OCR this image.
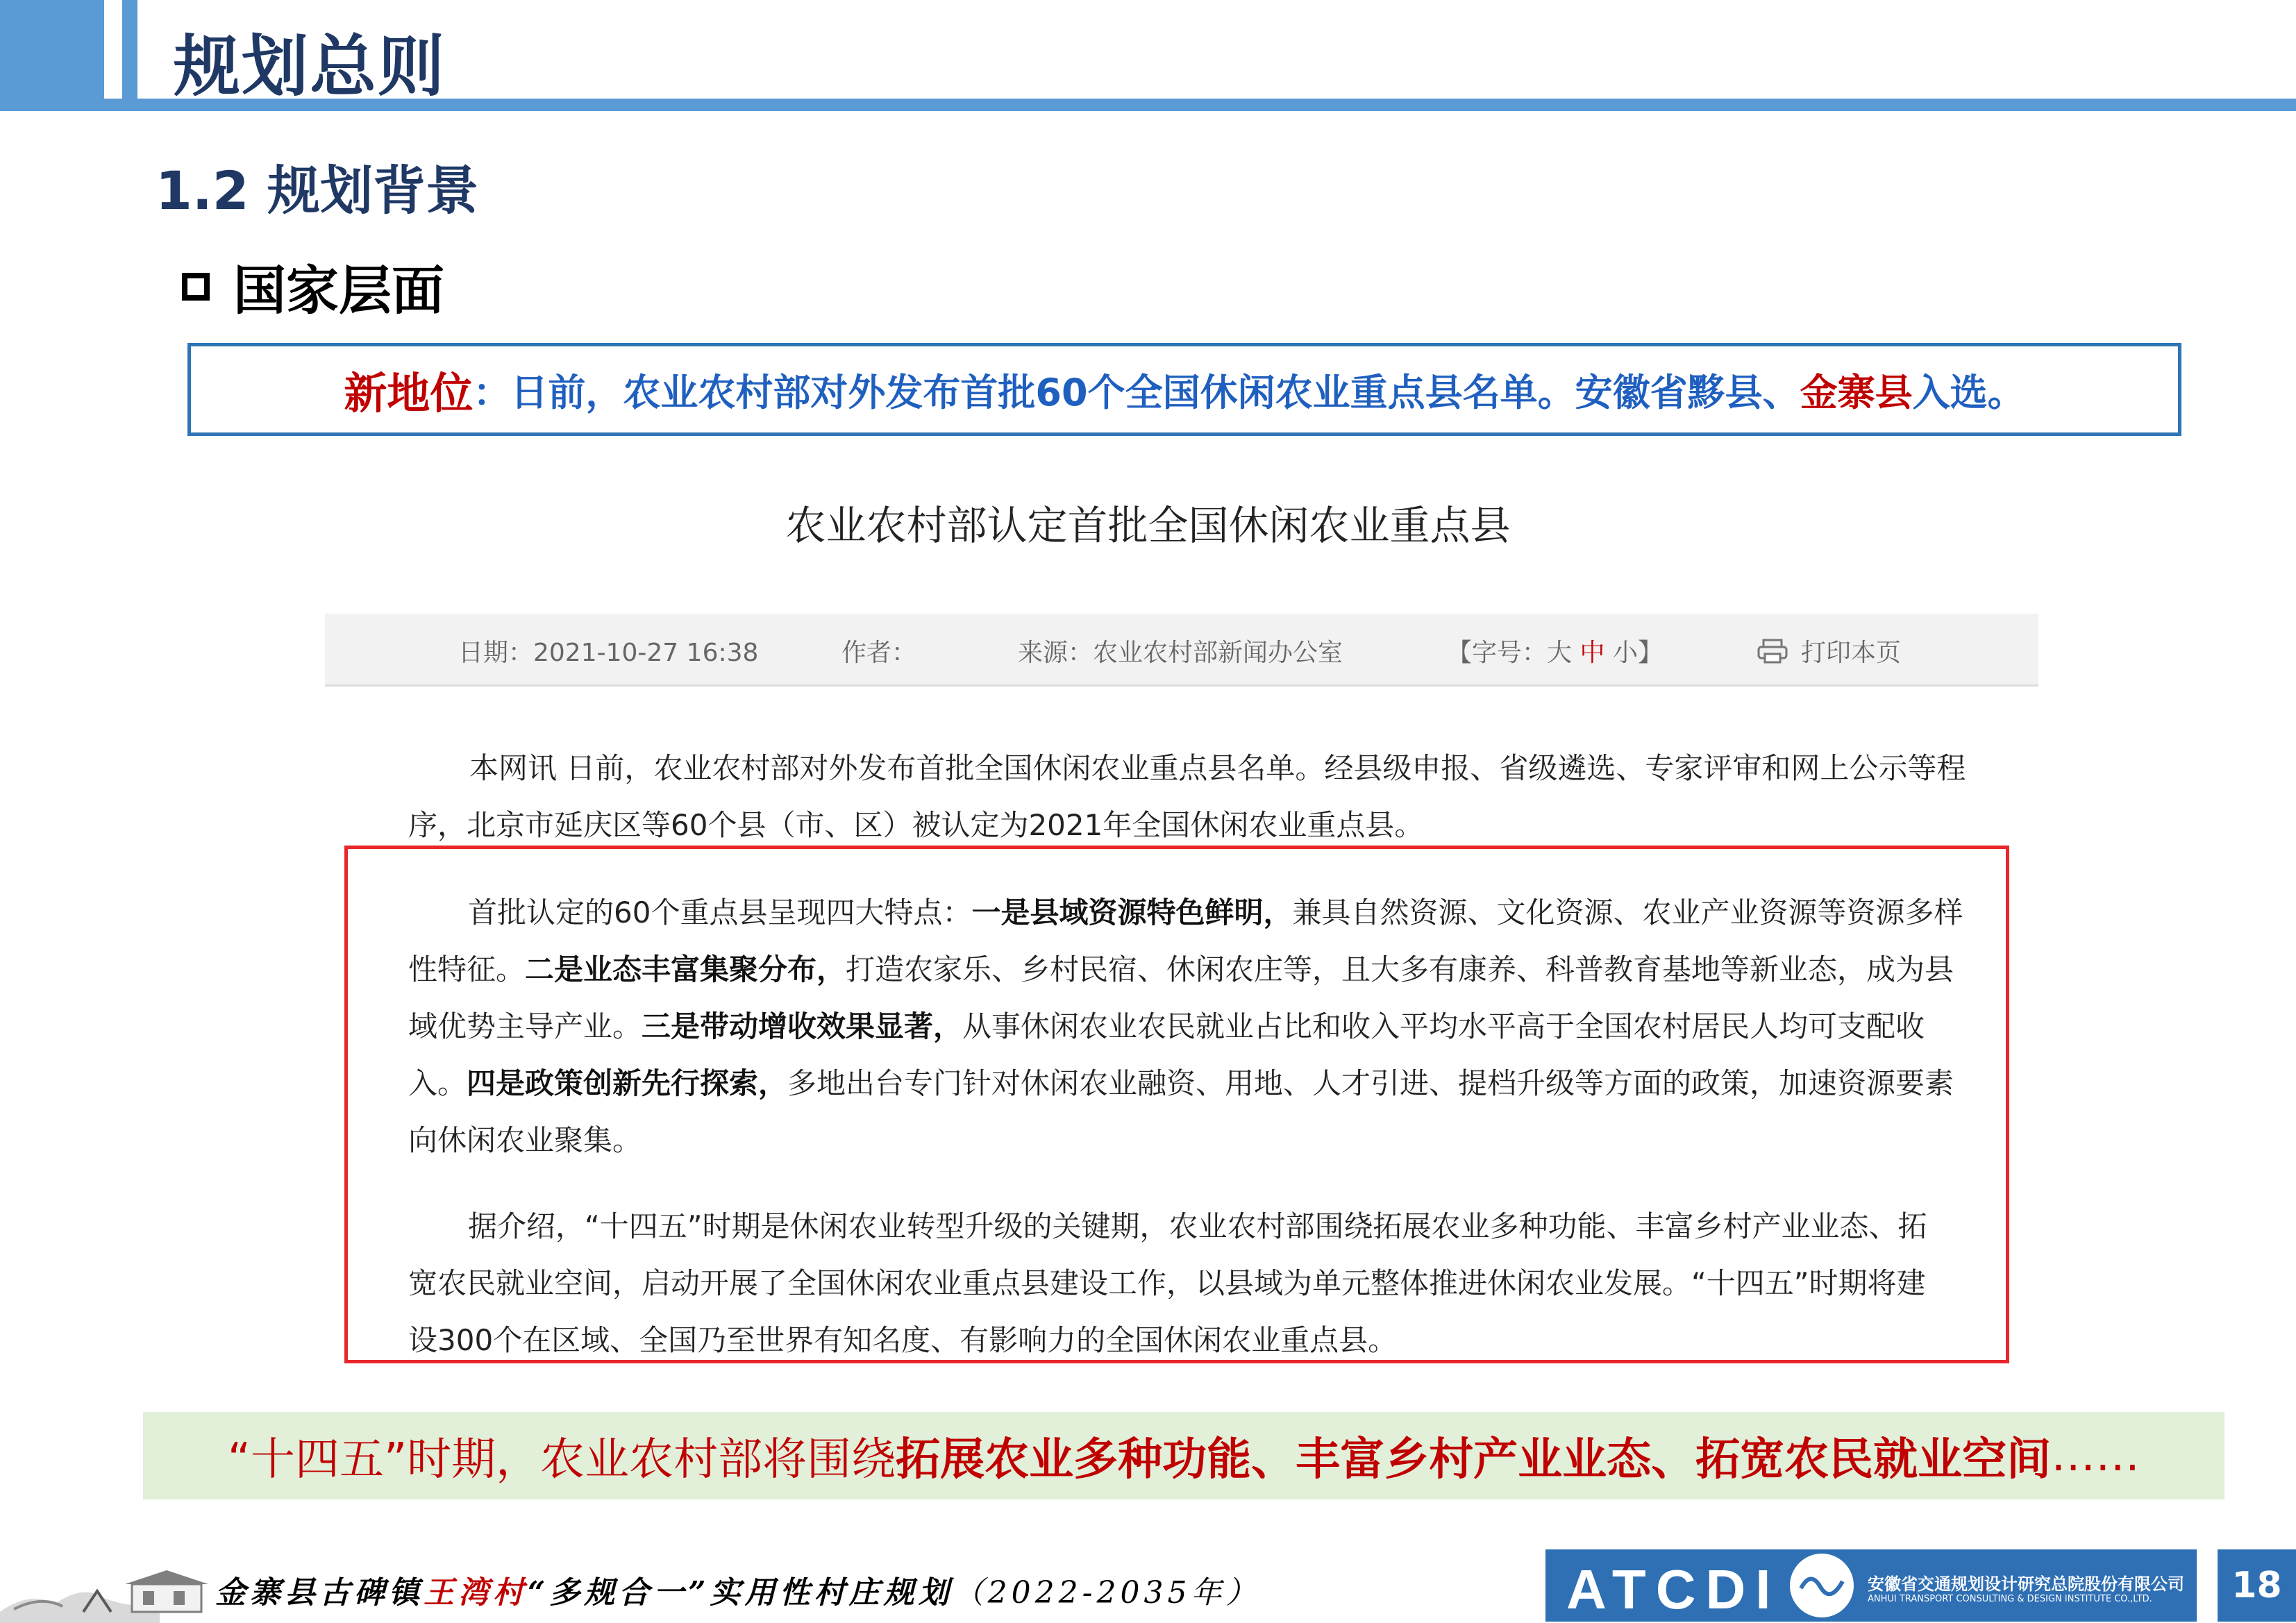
规划总则
1.2 规划背景
国家层面
新地位 ： 日前，农业农村部对外发布首批60个全国休闲农业重点县名单。安徽省黟县、 金寨县 入选。
农业农村部认定首批全国休闲农业重点县
日期：2021-10-27 16:38	作者：	来源：农业农村部新闻办公室	【字号：大 中 小】	打印本页
本网讯 日前，农业农村部对外发布首批全国休闲农业重点县名单。经县级申报、省级遴选、专家评审和网上公示等程
序，北京市延庆区等60个县（市、区）被认定为2021年全国休闲农业重点县。
首批认定的60个重点县呈现四大特点：一是县域资源特色鲜明，兼具自然资源、文化资源、农业产业资源等资源多样
性特征。二是业态丰富集聚分布，打造农家乐、乡村民宿、休闲农庄等，且大多有康养、科普教育基地等新业态，成为县
域优势主导产业。三是带动增收效果显著，从事休闲农业农民就业占比和收入平均水平高于全国农村居民人均可支配收
入。四是政策创新先行探索，多地出台专门针对休闲农业融资、用地、人才引进、提档升级等方面的政策，加速资源要素
向休闲农业聚集。
据介绍，“十四五”时期是休闲农业转型升级的关键期，农业农村部围绕拓展农业多种功能、丰富乡村产业业态、拓
宽农民就业空间，启动开展了全国休闲农业重点县建设工作，以县域为单元整体推进休闲农业发展。“十四五”时期将建
设300个在区域、全国乃至世界有知名度、有影响力的全国休闲农业重点县。
“十四五”时期，农业农村部将围绕 拓展农业多种功能、丰富乡村产业业态、拓宽农民就业空间 ……
金寨县古碑镇王湾村“多规合一”实用性村庄规划（2022-2035年）	ATCDI	安徽省交通规划设计研究总院股份有限公司
ANHUI TRANSPORT CONSULTING & DESIGN INSTITUTE CO.,LTD.	18
